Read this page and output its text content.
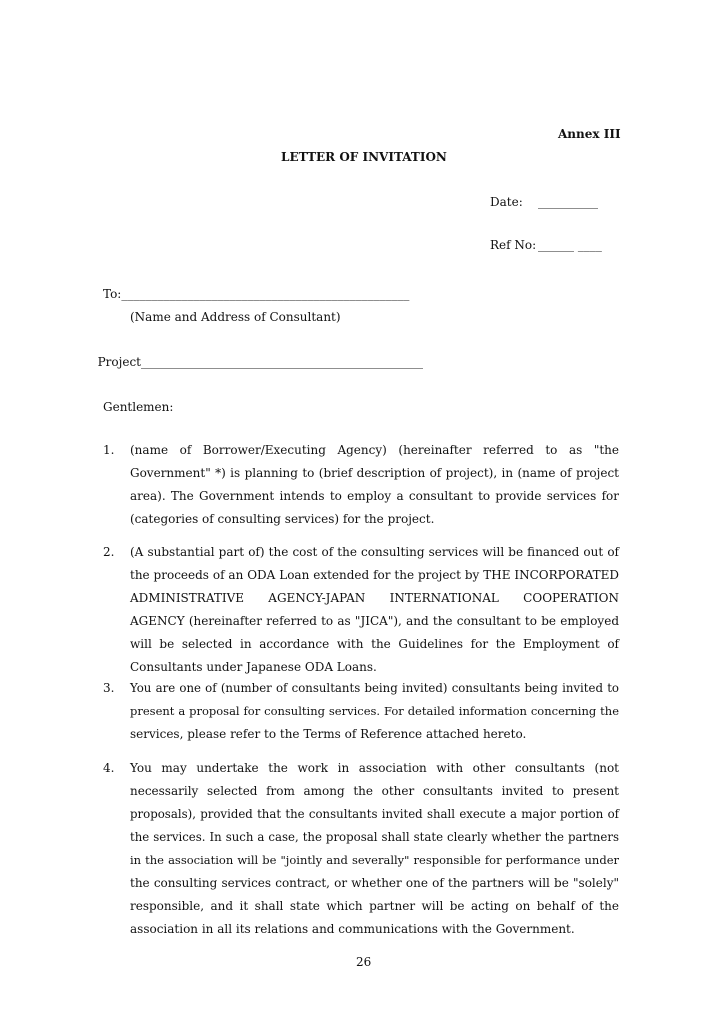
Annex III
LETTER OF INVITATION
Date: __________
Ref No: ______ ____
To:________________________________________________
(Name and Address of Consultant)
_______________________________________________Project
Gentlemen:
1. (name of Borrower/Executing Agency) (hereinafter referred to as "the
Government" *) is planning to (brief description of project), in (name of project
area). The Government intends to employ a consultant to provide services for
(categories of consulting services) for the project.
2. (A substantial part of) the cost of the consulting services will be financed out of
the proceeds of an ODA Loan extended for the project by THE INCORPORATED
ADMINISTRATIVE AGENCY-JAPAN INTERNATIONAL COOPERATION
AGENCY (hereinafter referred to as "JICA"), and the consultant to be employed
will be selected in accordance with the Guidelines for the Employment of
Consultants under Japanese ODA Loans.
3. You are one of (number of consultants being invited) consultants being invited to
present a proposal for consulting services. For detailed information concerning the
services, please refer to the Terms of Reference attached hereto.
4. You may undertake the work in association with other consultants (not
necessarily selected from among the other consultants invited to present
proposals), provided that the consultants invited shall execute a major portion of
the services. In such a case, the proposal shall state clearly whether the partners
in the association will be "jointly and severally" responsible for performance under
the consulting services contract, or whether one of the partners will be "solely"
responsible, and it shall state which partner will be acting on behalf of the
association in all its relations and communications with the Government.
26
